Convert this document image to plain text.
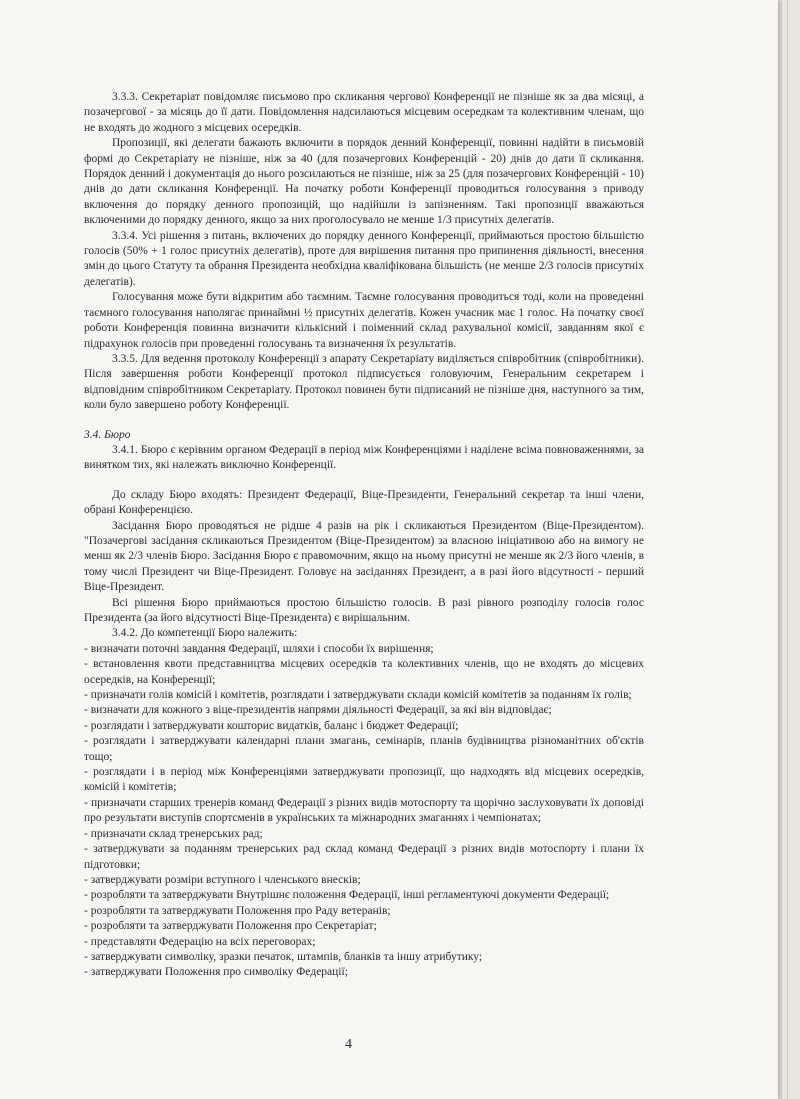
3.3.3. Секретаріат повідомляє письмово про скликання чергової Конференції не пізніше як за два місяці, а позачергової - за місяць до її дати. Повідомлення надсилаються місцевим осередкам та колективним членам, що не входять до жодного з місцевих осередків.

Пропозиції, які делегати бажають включити в порядок денний Конференції, повинні надійти в письмовій формі до Секретаріату не пізніше, ніж за 40 (для позачергових Конференцій - 20) днів до дати її скликання. Порядок денний і документація до нього розсилаються не пізніше, ніж за 25 (для позачергових Конференцій - 10) днів до дати скликання Конференції. На початку роботи Конференції проводиться голосування з приводу включення до порядку денного пропозицій, що надійшли із запізненням. Такі пропозиції вважаються включеними до порядку денного, якщо за них проголосувало не менше 1/3 присутніх делегатів.

3.3.4. Усі рішення з питань, включених до порядку денного Конференції, приймаються простою більшістю голосів (50% + 1 голос присутніх делегатів), проте для вирішення питання про припинення діяльності, внесення змін до цього Статуту та обрання Президента необхідна кваліфікована більшість (не менше 2/3 голосів присутніх делегатів).

Голосування може бути відкритим або таємним. Таємне голосування проводиться тоді, коли на проведенні таємного голосування наполягає принаймні ½ присутніх делегатів. Кожен учасник має 1 голос. На початку своєї роботи Конференція повинна визначити кількісний і поіменний склад рахувальної комісії, завданням якої є підрахунок голосів при проведенні голосувань та визначення їх результатів.

3.3.5. Для ведення протоколу Конференції з апарату Секретаріату виділяється співробітник (співробітники). Після завершення роботи Конференції протокол підписується головуючим, Генеральним секретарем і відповідним співробітником Секретаріату. Протокол повинен бути підписаний не пізніше дня, наступного за тим, коли було завершено роботу Конференції.

3.4. Бюро

3.4.1. Бюро є керівним органом Федерації в період між Конференціями і наділене всіма повноваженнями, за винятком тих, які належать виключно Конференції.

До складу Бюро входять: Президент Федерації, Віце-Президенти, Генеральний секретар та інші члени, обрані Конференцією.

Засідання Бюро проводяться не рідше 4 разів на рік і скликаються Президентом (Віце-Президентом). "Позачергові засідання скликаються Президентом (Віце-Президентом) за власною ініціативою або на вимогу не менш як 2/3 членів Бюро. Засідання Бюро є правомочним, якщо на ньому присутні не менше як 2/3 його членів, в тому числі Президент чи Віце-Президент. Головує на засіданнях Президент, а в разі його відсутності - перший Віце-Президент.

Всі рішення Бюро приймаються простою більшістю голосів. В разі рівного розподілу голосів голос Президента (за його відсутності Віце-Президента) є вирішальним.

3.4.2. До компетенції Бюро належить:

- визначати поточні завдання Федерації, шляхи і способи їх вирішення;

- встановлення квоти представництва місцевих осередків та колективних членів, що не входять до місцевих осередків, на Конференції;

- призначати голів комісій і комітетів, розглядати і затверджувати склади комісій комітетів за поданням їх голів;

- визначати для кожного з віце-президентів напрями діяльності Федерації, за які він відповідає;

- розглядати і затверджувати кошторис видатків, баланс і бюджет Федерації;

- розглядати і затверджувати календарні плани змагань, семінарів, планів будівництва різноманітних об'єктів тощо;

- розглядати і в період між Конференціями затверджувати пропозиції, що надходять від місцевих осередків, комісій і комітетів;

- призначати старших тренерів команд Федерації з різних видів мотоспорту та щорічно заслуховувати їх доповіді про результати виступів спортсменів в українських та міжнародних змаганнях і чемпіонатах;

- призначати склад тренерських рад;

- затверджувати за поданням тренерських рад склад команд Федерації з різних видів мотоспорту і плани їх підготовки;

- затверджувати розміри вступного і членського внесків;

- розробляти та затверджувати Внутрішнє положення Федерації, інші регламентуючі документи Федерації;

- розробляти та затверджувати Положення про Раду ветеранів;

- розробляти та затверджувати Положення про Секретаріат;

- представляти Федерацію на всіх переговорах;

- затверджувати символіку, зразки печаток, штампів, бланків та іншу атрибутику;

- затверджувати Положення про символіку Федерації;

4
